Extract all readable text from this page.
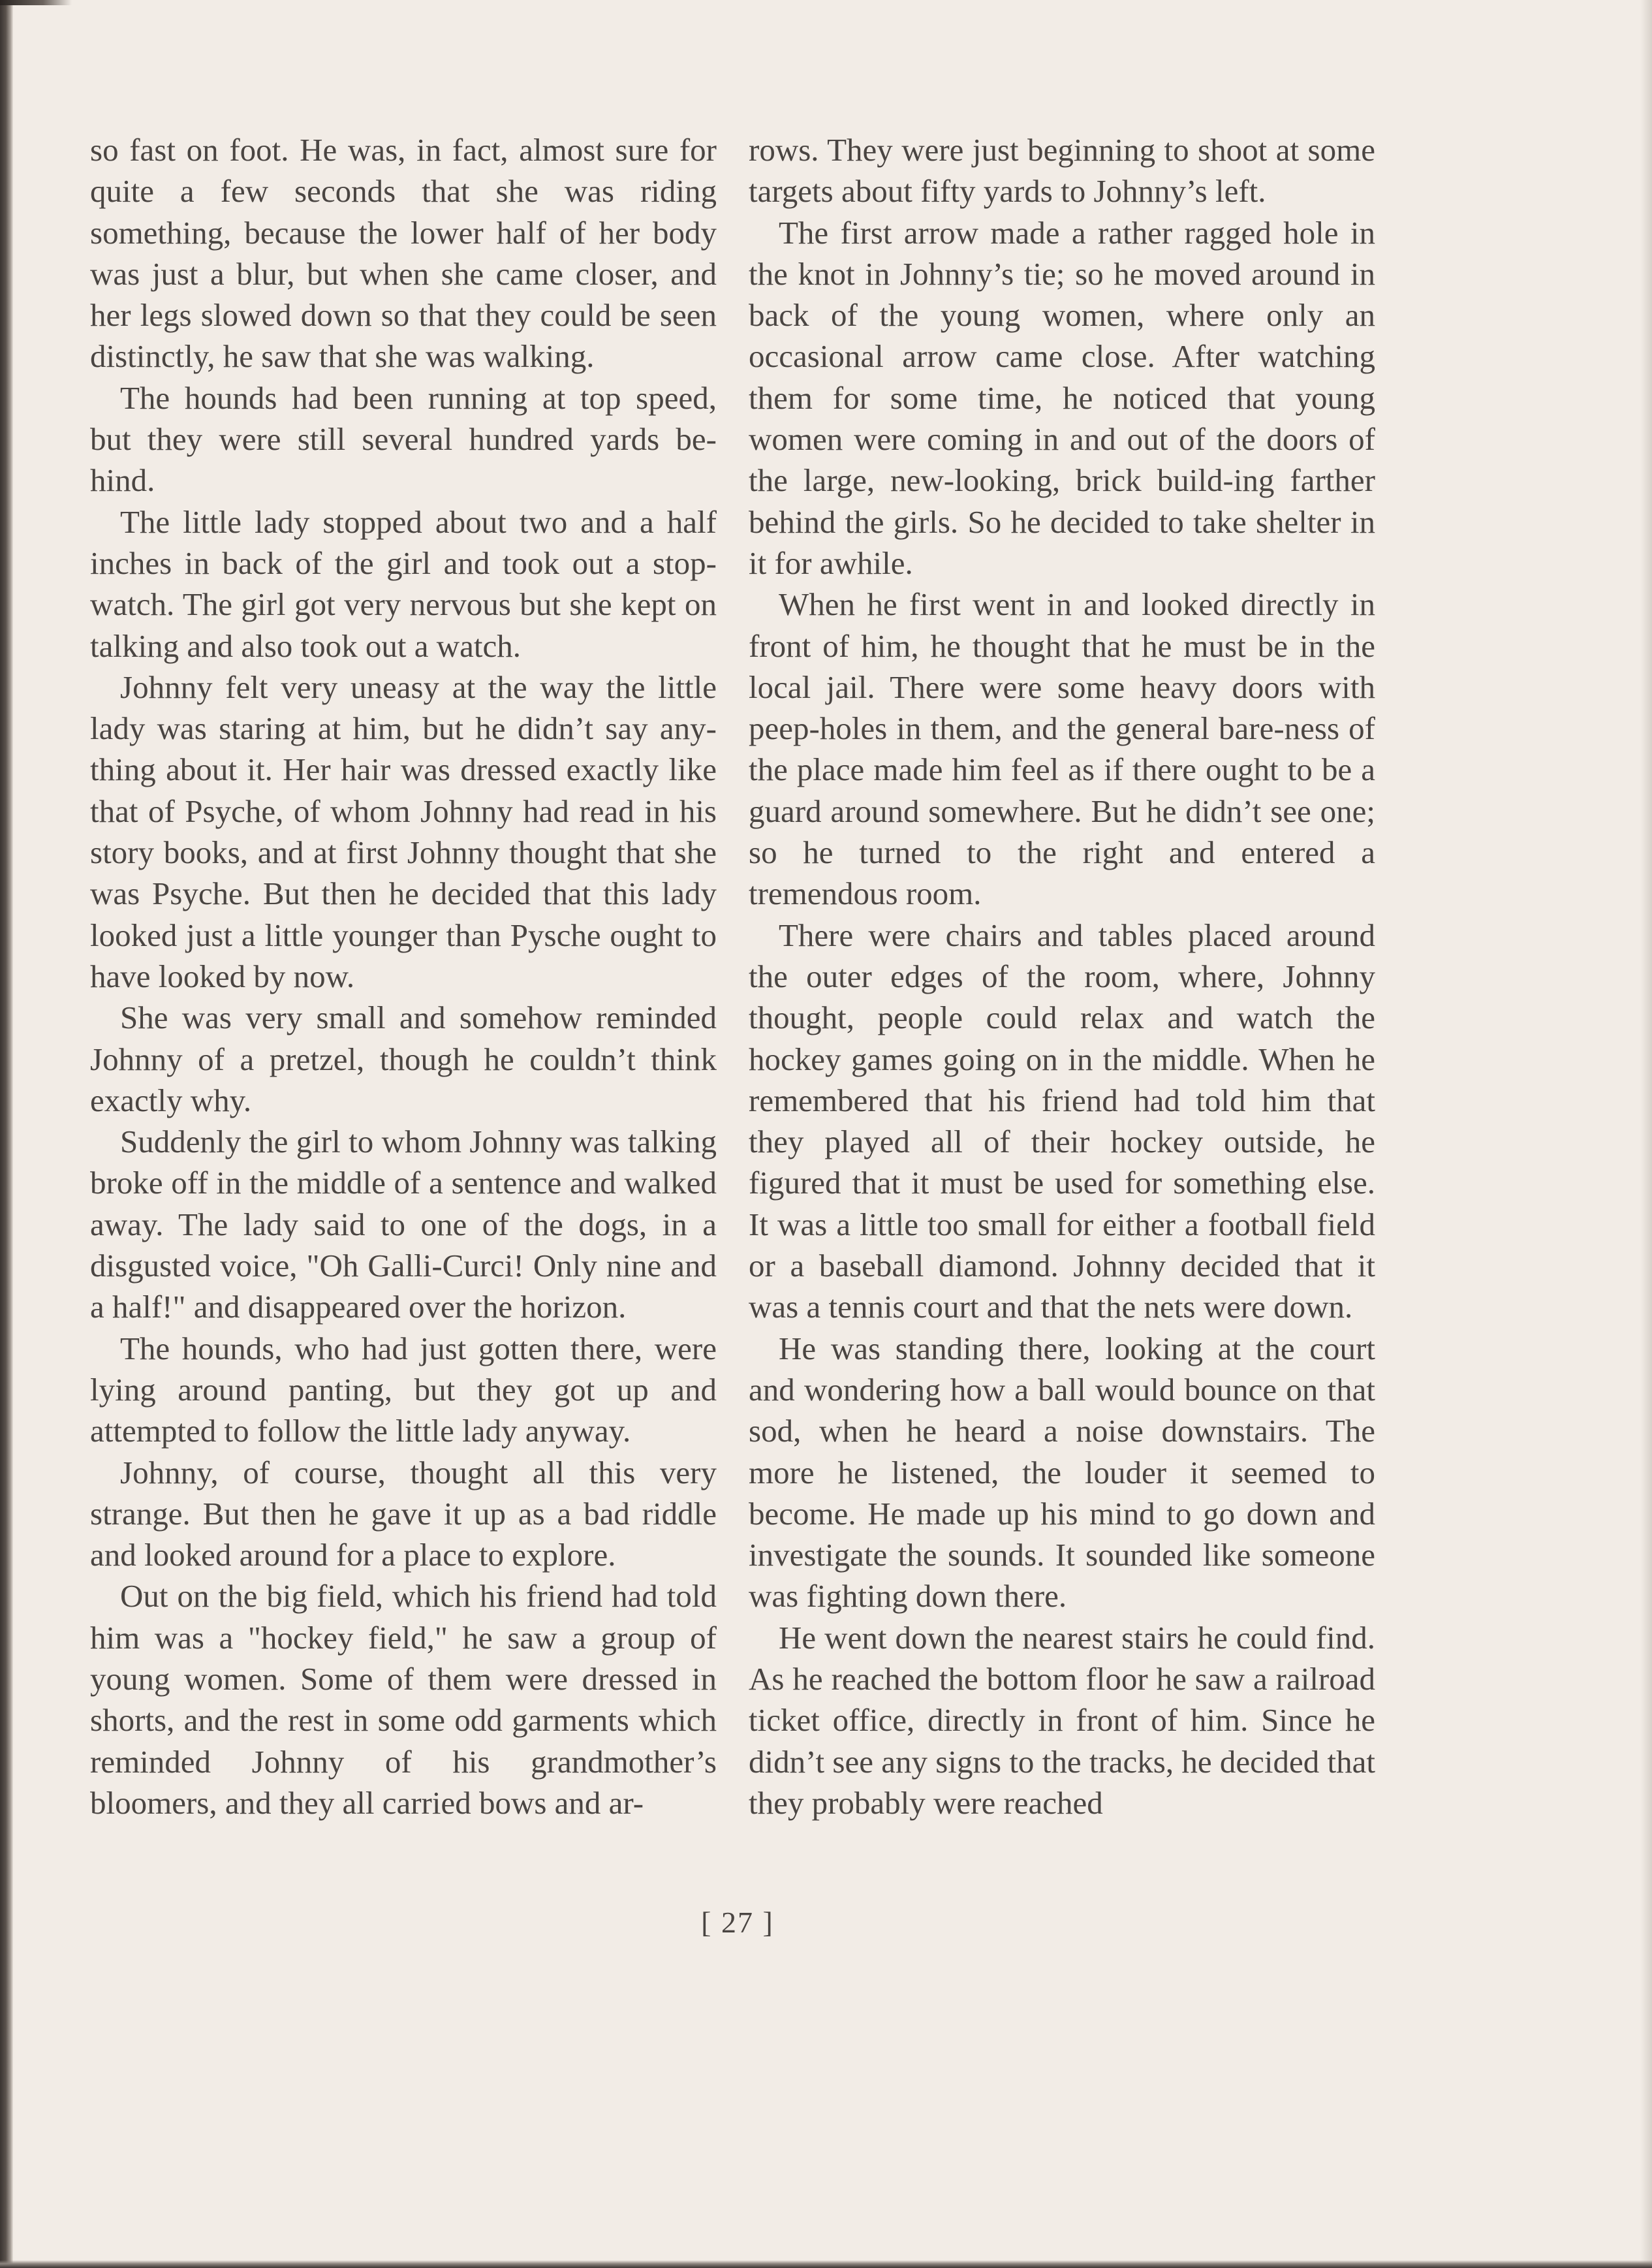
so fast on foot. He was, in fact, almost sure for quite a few seconds that she was riding something, because the lower half of her body was just a blur, but when she came closer, and her legs slowed down so that they could be seen distinctly, he saw that she was walking.

The hounds had been running at top speed, but they were still several hundred yards be-hind.

The little lady stopped about two and a half inches in back of the girl and took out a stop-watch. The girl got very nervous but she kept on talking and also took out a watch.

Johnny felt very uneasy at the way the little lady was staring at him, but he didn’t say any-thing about it. Her hair was dressed exactly like that of Psyche, of whom Johnny had read in his story books, and at first Johnny thought that she was Psyche. But then he decided that this lady looked just a little younger than Pysche ought to have looked by now.

She was very small and somehow reminded Johnny of a pretzel, though he couldn’t think exactly why.

Suddenly the girl to whom Johnny was talking broke off in the middle of a sentence and walked away. The lady said to one of the dogs, in a disgusted voice, "Oh Galli-Curci! Only nine and a half!" and disappeared over the horizon.

The hounds, who had just gotten there, were lying around panting, but they got up and attempted to follow the little lady anyway.

Johnny, of course, thought all this very strange. But then he gave it up as a bad riddle and looked around for a place to explore.

Out on the big field, which his friend had told him was a "hockey field," he saw a group of young women. Some of them were dressed in shorts, and the rest in some odd garments which reminded Johnny of his grandmother’s bloomers, and they all carried bows and ar-

rows. They were just beginning to shoot at some targets about fifty yards to Johnny’s left.

The first arrow made a rather ragged hole in the knot in Johnny’s tie; so he moved around in back of the young women, where only an occasional arrow came close. After watching them for some time, he noticed that young women were coming in and out of the doors of the large, new-looking, brick build-ing farther behind the girls. So he decided to take shelter in it for awhile.

When he first went in and looked directly in front of him, he thought that he must be in the local jail. There were some heavy doors with peep-holes in them, and the general bare-ness of the place made him feel as if there ought to be a guard around somewhere. But he didn’t see one; so he turned to the right and entered a tremendous room.

There were chairs and tables placed around the outer edges of the room, where, Johnny thought, people could relax and watch the hockey games going on in the middle. When he remembered that his friend had told him that they played all of their hockey outside, he figured that it must be used for something else. It was a little too small for either a football field or a baseball diamond. Johnny decided that it was a tennis court and that the nets were down.

He was standing there, looking at the court and wondering how a ball would bounce on that sod, when he heard a noise downstairs. The more he listened, the louder it seemed to become. He made up his mind to go down and investigate the sounds. It sounded like someone was fighting down there.

He went down the nearest stairs he could find. As he reached the bottom floor he saw a railroad ticket office, directly in front of him. Since he didn’t see any signs to the tracks, he decided that they probably were reached

[ 27 ]
